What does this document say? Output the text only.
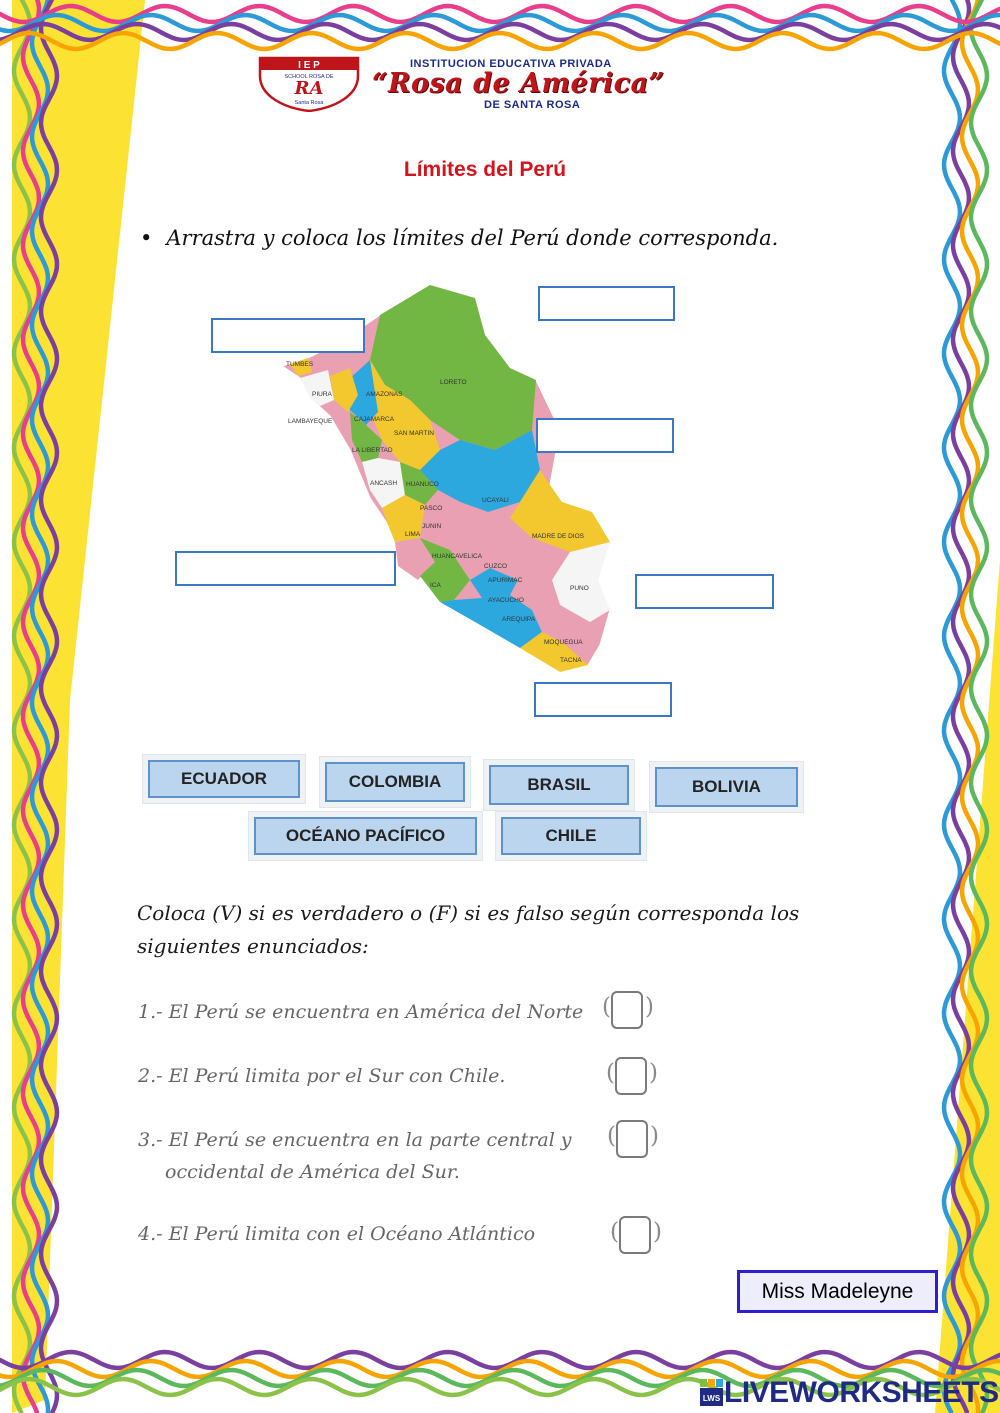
I E P
SCHOOL ROSA DE
RA
Santa Rosa
INSTITUCION EDUCATIVA PRIVADA
“Rosa de América”
DE SANTA ROSA
Límites del Perú
• Arrastra y coloca los límites del Perú donde corresponda.
TUMBES
PIURA
LAMBAYEQUE	CAJAMARCA
AMAZONAS
LORETO
SAN MARTIN
LA LIBERTAD
ANCASH HUANUCO
PASCO
UCAYALI
LIMA
JUNIN
MADRE DE DIOS
HUANCAVELICA
CUZCO
ICA
APURIMAC
AYACUCHO
PUNO
AREQUIPA
MOQUEGUA
TACNA
ECUADOR	COLOMBIA	BRASIL	BOLIVIA
OCÉANO PACÍFICO	CHILE
Coloca (V) si es verdadero o (F) si es falso según corresponda los siguientes enunciados:
1.- El Perú se encuentra en América del Norte ( )
2.- El Perú limita por el Sur con Chile.	( )
3.- El Perú se encuentra en la parte central y
occidental de América del Sur.
( )
4.- El Perú limita con el Océano Atlántico	( )
Miss Madeleyne
LWS LIVEWORKSHEETS
